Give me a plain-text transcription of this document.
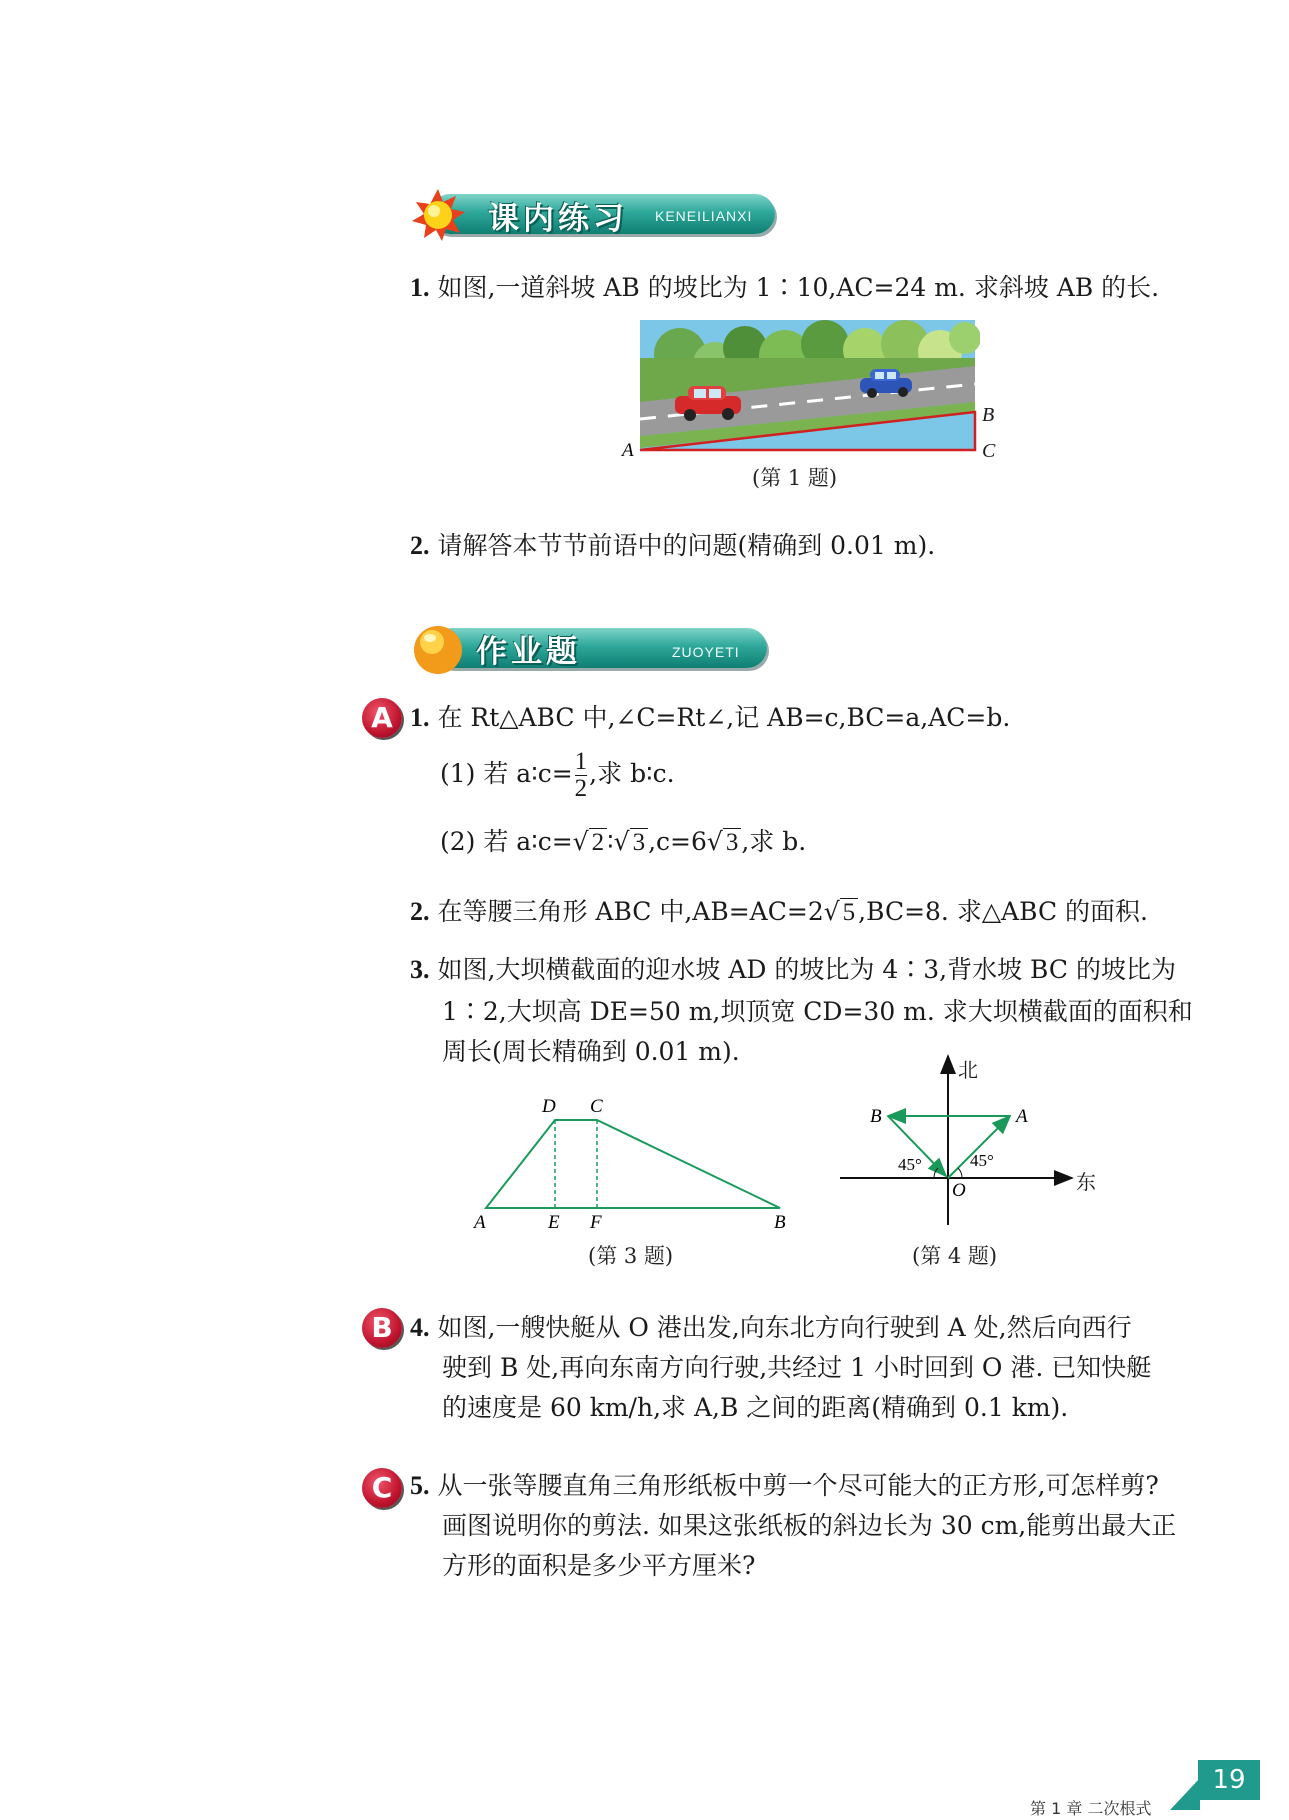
课内练习 KENEILIANXI
1. 如图,一道斜坡 AB 的坡比为 1∶10,AC=24 m. 求斜坡 AB 的长.
A
B
C
(第 1 题)
2. 请解答本节节前语中的问题(精确到 0.01 m).
作业题	ZUOYETI
A 1. 在 Rt△ABC 中,∠C=Rt∠,记 AB=c,BC=a,AC=b.
(1) 若 a∶c= $\frac{1}{2}$ ,求 b∶c.
(2) 若 a∶c=√ 2 ∶√ 3 ,c=6√ 3 ,求 b.
2. 在等腰三角形 ABC 中,AB=AC=2√ 5 ,BC=8. 求△ABC 的面积.
3. 如图,大坝横截面的迎水坡 AD 的坡比为 4∶3,背水坡 BC 的坡比为
1∶2,大坝高 DE=50 m,坝顶宽 CD=30 m. 求大坝横截面的面积和
周长(周长精确到 0.01 m).
D C
A	E F	B
(第 3 题)
B	A
O
45°	45°
北
东
(第 4 题)
B 4. 如图,一艘快艇从 O 港出发,向东北方向行驶到 A 处,然后向西行
驶到 B 处,再向东南方向行驶,共经过 1 小时回到 O 港. 已知快艇
的速度是 60 km/h,求 A,B 之间的距离(精确到 0.1 km).
C 5. 从一张等腰直角三角形纸板中剪一个尽可能大的正方形,可怎样剪?
画图说明你的剪法. 如果这张纸板的斜边长为 30 cm,能剪出最大正
方形的面积是多少平方厘米?
第 1 章 二次根式
19
